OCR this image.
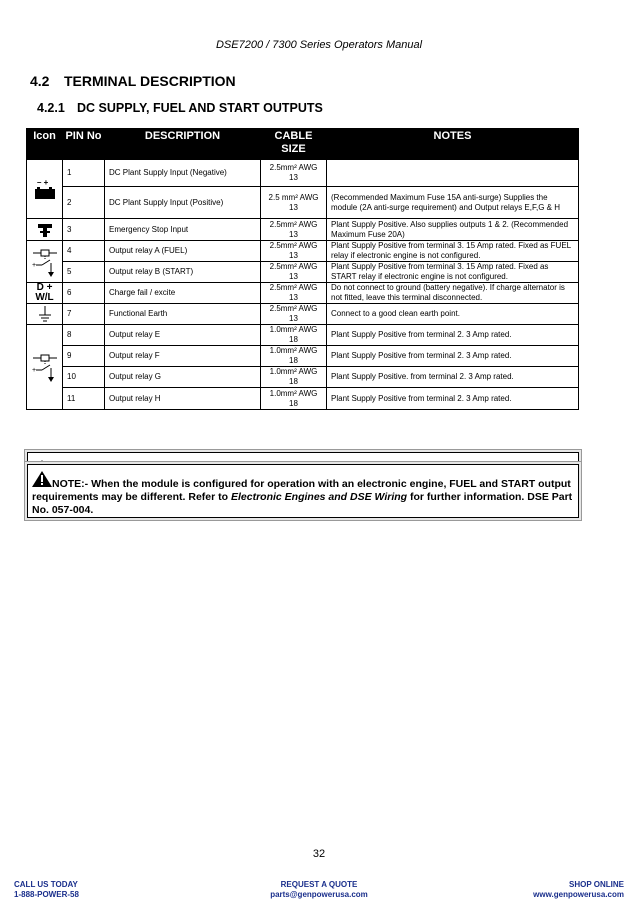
DSE7200 / 7300 Series Operators Manual
4.2 TERMINAL DESCRIPTION
4.2.1 DC SUPPLY, FUEL AND START OUTPUTS
Icon	PIN No	DESCRIPTION	CABLE SIZE	NOTES

– +	1	DC Plant Supply Input (Negative)	2.5mm² AWG 13	
	2	DC Plant Supply Input (Positive)	2.5 mm² AWG 13	(Recommended Maximum Fuse 15A anti-surge) Supplies the module (2A anti-surge requirement) and Output relays E,F,G & H

	3	Emergency Stop Input	2.5mm² AWG 13	Plant Supply Positive. Also supplies outputs 1 & 2. (Recommended Maximum Fuse 20A)

+	4	Output relay A (FUEL)	2.5mm² AWG 13	Plant Supply Positive from terminal 3. 15 Amp rated. Fixed as FUEL relay if electronic engine is not configured.
	5	Output relay B (START)	2.5mm² AWG 13	Plant Supply Positive from terminal 3. 15 Amp rated. Fixed as START relay if electronic engine is not configured.
D + W/L	6	Charge fail / excite	2.5mm² AWG 13	Do not connect to ground (battery negative). If charge alternator is not fitted, leave this terminal disconnected.

	7	Functional Earth	2.5mm² AWG 13	Connect to a good clean earth point.

+	8	Output relay E	1.0mm² AWG 18	Plant Supply Positive from terminal 2. 3 Amp rated.
	9	Output relay F	1.0mm² AWG 18	Plant Supply Positive from terminal 2. 3 Amp rated.
	10	Output relay G	1.0mm² AWG 18	Plant Supply Positive. from terminal 2. 3 Amp rated.
	11	Output relay H	1.0mm² AWG 18	Plant Supply Positive from terminal 2. 3 Amp rated.
NOTE:- When the module is configured for operation with an electronic engine, FUEL and START output requirements may be different. Refer to Electronic Engines and DSE Wiring for further information. DSE Part No. 057-004.
32
CALL US TODAY
1-888-POWER-58
REQUEST A QUOTE
parts@genpowerusa.com
SHOP ONLINE
www.genpowerusa.com
